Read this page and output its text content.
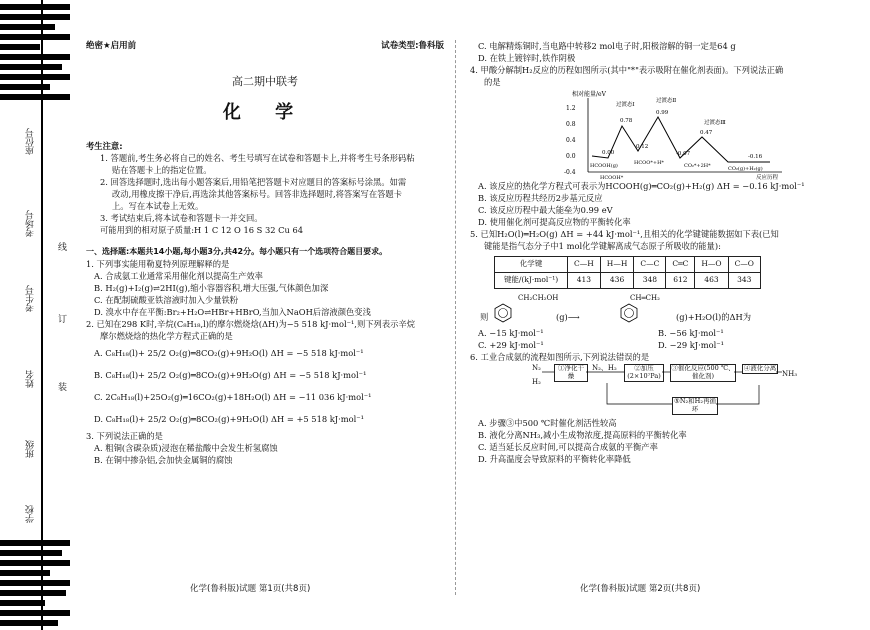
座位号
考场号
考生号
姓名
班级
学校
线
订
装
绝密★启用前	试卷类型:鲁科版
高二期中联考
化 学
考生注意:
1. 答题前,考生务必将自己的姓名、考生号填写在试卷和答题卡上,并将考生号条形码粘
贴在答题卡上的指定位置。
2. 回答选择题时,选出每小题答案后,用铅笔把答题卡对应题目的答案标号涂黑。如需
改动,用橡皮擦干净后,再选涂其他答案标号。回答非选择题时,将答案写在答题卡
上。写在本试卷上无效。
3. 考试结束后,将本试卷和答题卡一并交回。
可能用到的相对原子质量:H 1 C 12 O 16 S 32 Cu 64
一、选择题:本题共14小题,每小题3分,共42分。每小题只有一个选项符合题目要求。
1. 下列事实能用勒夏特列原理解释的是
A. 合成氨工业通常采用催化剂以提高生产效率
B. H₂(g)+I₂(g)⇌2HI(g),缩小容器容积,增大压强,气体颜色加深
C. 在配制硫酸亚铁溶液时加入少量铁粉
D. 溴水中存在平衡:Br₂+H₂O⇌HBr+HBrO,当加入NaOH后溶液颜色变浅
2. 已知在298 K时,辛烷(C₈H₁₈,l)的摩尔燃烧焓(ΔH)为−5 518 kJ·mol⁻¹,则下列表示辛烷
摩尔燃烧焓的热化学方程式正确的是
A. C₈H₁₈(l)+ 25/2 O₂(g)═8CO₂(g)+9H₂O(l) ΔH = −5 518 kJ·mol⁻¹
B. C₈H₁₈(l)+ 25/2 O₂(g)═8CO₂(g)+9H₂O(g) ΔH = −5 518 kJ·mol⁻¹
C. 2C₈H₁₈(l)+25O₂(g)═16CO₂(g)+18H₂O(l) ΔH = −11 036 kJ·mol⁻¹
D. C₈H₁₈(l)+ 25/2 O₂(g)═8CO₂(g)+9H₂O(l) ΔH = +5 518 kJ·mol⁻¹
3. 下列说法正确的是
A. 粗铜(含碳杂质)浸泡在稀盐酸中会发生析氢腐蚀
B. 在铜中掺杂铝,会加快金属铜的腐蚀
C. 电解精炼铜时,当电路中转移2 mol电子时,阳极溶解的铜一定是64 g
D. 在铁上镀锌时,铁作阴极
4. 甲酸分解制H₂反应的历程如图所示(其中"*"表示吸附在催化剂表面)。下列说法正确
的是
相对能量/eV
1.2
0.8
0.4
0.0
-0.4
0.00
0.78
0.12
0.99
-0.07
0.47
-0.16
过渡态Ⅰ
过渡态Ⅱ
过渡态Ⅲ
HCOOH(g)
HCOOH*
HCOO*+H*	CO₂*+2H*	CO₂(g)+H₂(g)
反应历程
A. 该反应的热化学方程式可表示为HCOOH(g)═CO₂(g)+H₂(g) ΔH = −0.16 kJ·mol⁻¹
B. 该反应历程共经历2步基元反应
C. 该反应历程中最大能垒为0.99 eV
D. 使用催化剂可提高反应物的平衡转化率
5. 已知H₂O(l)═H₂O(g) ΔH = +44 kJ·mol⁻¹,且相关的化学键键能数据如下表(已知
键能是指气态分子中1 mol化学键解离成气态原子所吸收的能量):
化学键	C—H	H—H	C—C	C═C	H—O	C—O
键能/(kJ·mol⁻¹)	413	436	348	612	463	343
CH₂CH₂OH	CH═CH₂
则	(g)⟶	(g)+H₂O(l)的ΔH为
A. −15 kJ·mol⁻¹	B. −56 kJ·mol⁻¹
C. +29 kJ·mol⁻¹	D. −29 kJ·mol⁻¹
6. 工业合成氨的流程如图所示,下列说法错误的是
N₂
H₂
①净化干燥
N₂、H₂	②加压(2×10⁷Pa)
③催化反应(500 ℃、催化剂)
④液化分离
NH₃
⑤N₂和H₂再循环
A. 步骤③中500 ℃时催化剂活性较高
B. 液化分离NH₃,减小生成物浓度,提高原料的平衡转化率
C. 适当延长反应时间,可以提高合成氨的平衡产率
D. 升高温度会导致原料的平衡转化率降低
化学(鲁科版)试题 第1页(共8页)	化学(鲁科版)试题 第2页(共8页)
